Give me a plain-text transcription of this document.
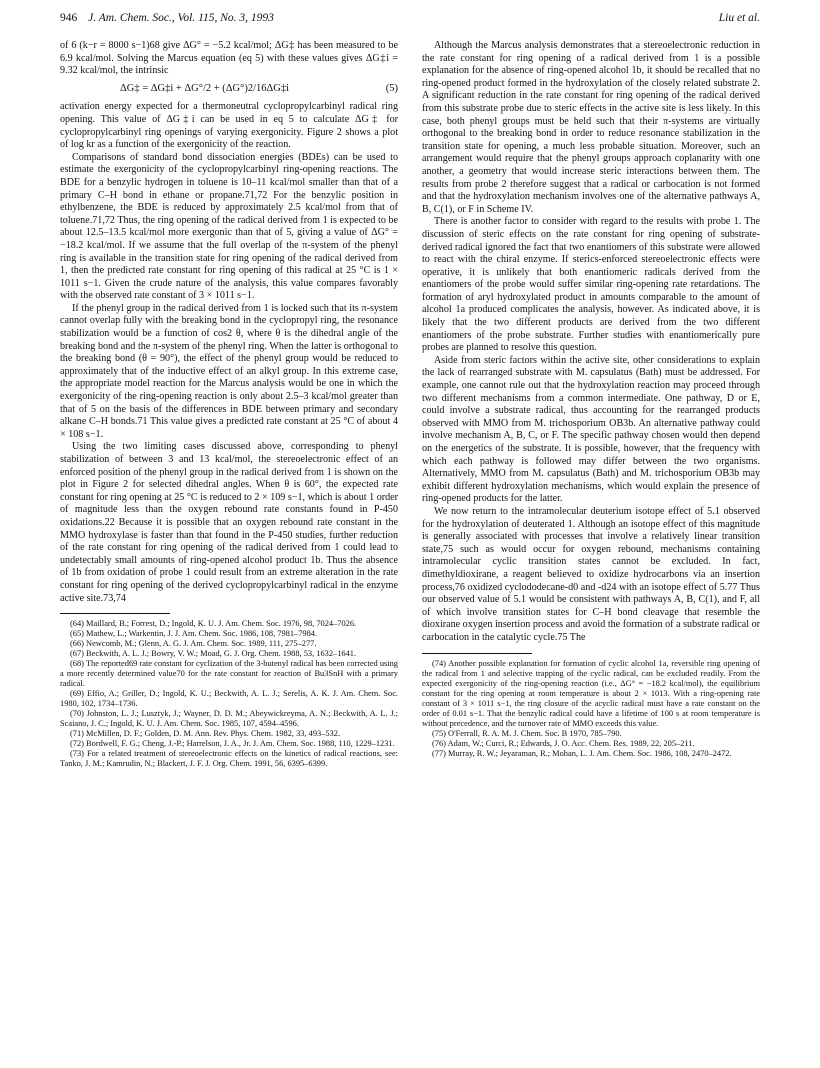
946 J. Am. Chem. Soc., Vol. 115, No. 3, 1993	Liu et al.

of 6 (k−r = 8000 s−1)68 give ΔG° = −5.2 kcal/mol; ΔG‡ has been measured to be 6.9 kcal/mol. Solving the Marcus equation (eq 5) with these values gives ΔG‡i = 9.32 kcal/mol, the intrinsic

ΔG‡ = ΔG‡i + ΔG°/2 + (ΔG°)2/16ΔG‡i	(5)

activation energy expected for a thermoneutral cyclopropylcarbinyl radical ring opening. This value of ΔG‡i can be used in eq 5 to calculate ΔG‡ for cyclopropylcarbinyl ring openings of varying exergonicity. Figure 2 shows a plot of log kr as a function of the exergonicity of the reaction.

Comparisons of standard bond dissociation energies (BDEs) can be used to estimate the exergonicity of the cyclopropylcarbinyl ring-opening reactions. The BDE for a benzylic hydrogen in toluene is 10–11 kcal/mol smaller than that of a primary C–H bond in ethane or propane.71,72 For the benzylic position in ethylbenzene, the BDE is reduced by approximately 2.5 kcal/mol from that of toluene.71,72 Thus, the ring opening of the radical derived from 1 is expected to be about 12.5–13.5 kcal/mol more exergonic than that of 5, giving a value of ΔG° = −18.2 kcal/mol. If we assume that the full overlap of the π-system of the phenyl ring is available in the transition state for ring opening of the radical derived from 1, then the predicted rate constant for ring opening of this radical at 25 °C is 1 × 1011 s−1. Given the crude nature of the analysis, this value compares favorably with the observed rate constant of 3 × 1011 s−1.

If the phenyl group in the radical derived from 1 is locked such that its π-system cannot overlap fully with the breaking bond in the cyclopropyl ring, the resonance stabilization would be a function of cos2 θ, where θ is the dihedral angle of the breaking bond and the π-system of the phenyl ring. When the latter is orthogonal to the breaking bond (θ = 90°), the effect of the phenyl group would be reduced to approximately that of the inductive effect of an alkyl group. In this extreme case, the appropriate model reaction for the Marcus analysis would be one in which the exergonicity of the ring-opening reaction is only about 2.5–3 kcal/mol greater than that of 5 on the basis of the differences in BDE between primary and secondary alkane C–H bonds.71 This value gives a predicted rate constant at 25 °C of about 4 × 108 s−1.

Using the two limiting cases discussed above, corresponding to phenyl stabilization of between 3 and 13 kcal/mol, the stereoelectronic effect of an enforced position of the phenyl group in the radical derived from 1 is shown on the plot in Figure 2 for selected dihedral angles. When θ is 60°, the expected rate constant for ring opening at 25 °C is reduced to 2 × 109 s−1, which is about 1 order of magnitude less than the oxygen rebound rate constants found in P-450 oxidations.22 Because it is possible that an oxygen rebound rate constant in the MMO hydroxylase is faster than that found in the P-450 studies, further reduction of the rate constant for ring opening of the radical derived from 1 could lead to undetectably small amounts of ring-opened alcohol product 1b. Thus the absence of 1b from oxidation of probe 1 could result from an extreme alteration in the rate constant for ring opening of the derived cyclopropylcarbinyl radical in the enzyme active site.73,74

(64) Maillard, B.; Forrest, D.; Ingold, K. U. J. Am. Chem. Soc. 1976, 98, 7024–7026.

(65) Mathew, L.; Warkentin, J. J. Am. Chem. Soc. 1986, 108, 7981–7984.

(66) Newcomb, M.; Glenn, A. G. J. Am. Chem. Soc. 1989, 111, 275–277.

(67) Beckwith, A. L. J.; Bowry, V. W.; Moad, G. J. Org. Chem. 1988, 53, 1632–1641.

(68) The reported69 rate constant for cyclization of the 3-butenyl radical has been corrected using a more recently determined value70 for the rate constant for reaction of Bu3SnH with a primary radical.

(69) Effio, A.; Griller, D.; Ingold, K. U.; Beckwith, A. L. J.; Serelis, A. K. J. Am. Chem. Soc. 1980, 102, 1734–1736.

(70) Johnston, L. J.; Lusztyk, J.; Wayner, D. D. M.; Abeywickreyma, A. N.; Beckwith, A. L. J.; Scaiano, J. C.; Ingold, K. U. J. Am. Chem. Soc. 1985, 107, 4594–4596.

(71) McMillen, D. F.; Golden, D. M. Ann. Rev. Phys. Chem. 1982, 33, 493–532.

(72) Bordwell, F. G.; Cheng, J.-P.; Harrelson, J. A., Jr. J. Am. Chem. Soc. 1988, 110, 1229–1231.

(73) For a related treatment of stereoelectronic effects on the kinetics of radical reactions, see: Tanko, J. M.; Kamrudin, N.; Blackert, J. F. J. Org. Chem. 1991, 56, 6395–6399.

Although the Marcus analysis demonstrates that a stereoelectronic reduction in the rate constant for ring opening of a radical derived from 1 is a possible explanation for the absence of ring-opened alcohol 1b, it should be recalled that no ring-opened product formed in the hydroxylation of the closely related substrate 2. A significant reduction in the rate constant for ring opening of the radical derived from this substrate probe due to steric effects in the active site is less likely. In this case, both phenyl groups must be held such that their π-systems are virtually orthogonal to the breaking bond in order to reduce resonance stabilization in the transition state for opening, a much less probable situation. Moreover, such an arrangement would require that the phenyl groups approach coplanarity with one another, a geometry that would increase steric interactions between them. The results from probe 2 therefore suggest that a radical or carbocation is not formed and that the hydroxylation mechanism involves one of the alternative pathways A, B, C(1), or F in Scheme IV.

There is another factor to consider with regard to the results with probe 1. The discussion of steric effects on the rate constant for ring opening of substrate-derived radical ignored the fact that two enantiomers of this substrate were allowed to react with the chiral enzyme. If sterics-enforced stereoelectronic effects were operative, it is unlikely that both enantiomeric radicals derived from the enantiomers of the probe would suffer similar ring-opening rate retardations. The formation of aryl hydroxylated product in amounts comparable to the amount of alcohol 1a produced complicates the analysis, however. As indicated above, it is likely that the two different products are derived from the two different enantiomers of the probe substrate. Further studies with enantiomerically pure probes are planned to resolve this question.

Aside from steric factors within the active site, other considerations to explain the lack of rearranged substrate with M. capsulatus (Bath) must be addressed. For example, one cannot rule out that the hydroxylation reaction may proceed through two different mechanisms from a common intermediate. One pathway, D or E, could involve a substrate radical, thus accounting for the rearranged products observed with MMO from M. trichosporium OB3b. An alternative pathway could involve mechanism A, B, C, or F. The specific pathway chosen would then depend on the energetics of the substrate. It is possible, however, that the frequency with which each pathway is followed may differ between the two organisms. Alternatively, MMO from M. capsulatus (Bath) and M. trichosporium OB3b may exhibit different hydroxylation mechanisms, which would explain the presence of ring-opened products for the latter.

We now return to the intramolecular deuterium isotope effect of 5.1 observed for the hydroxylation of deuterated 1. Although an isotope effect of this magnitude is generally associated with processes that involve a relatively linear transition state,75 such as would occur for oxygen rebound, mechanisms containing intramolecular cyclic transition states cannot be excluded. In fact, dimethyldioxirane, a reagent believed to oxidize hydrocarbons via an insertion process,76 oxidized cyclododecane-d0 and -d24 with an isotope effect of 5.77 Thus our observed value of 5.1 would be consistent with pathways A, B, C(1), and F, all of which involve transition states for C–H bond cleavage that resemble the dioxirane oxygen insertion process and avoid the formation of a substrate radical or carbocation in the catalytic cycle.75 The

(74) Another possible explanation for formation of cyclic alcohol 1a, reversible ring opening of the radical from 1 and selective trapping of the cyclic radical, can be excluded readily. From the expected exergonicity of the ring-opening reaction (i.e., ΔG° = −18.2 kcal/mol), the equilibrium constant for the ring opening at room temperature is about 2 × 1013. With a ring-opening rate constant of 3 × 1011 s−1, the ring closure of the acyclic radical must have a rate constant on the order of 0.01 s−1. That the benzylic radical could have a lifetime of 100 s at room temperature is without precedence, and the turnover rate of MMO exceeds this value.

(75) O'Ferrall, R. A. M. J. Chem. Soc. B 1970, 785–790.

(76) Adam, W.; Curci, R.; Edwards, J. O. Acc. Chem. Res. 1989, 22, 205–211.

(77) Murray, R. W.; Jeyaraman, R.; Mohan, L. J. Am. Chem. Soc. 1986, 108, 2470–2472.
